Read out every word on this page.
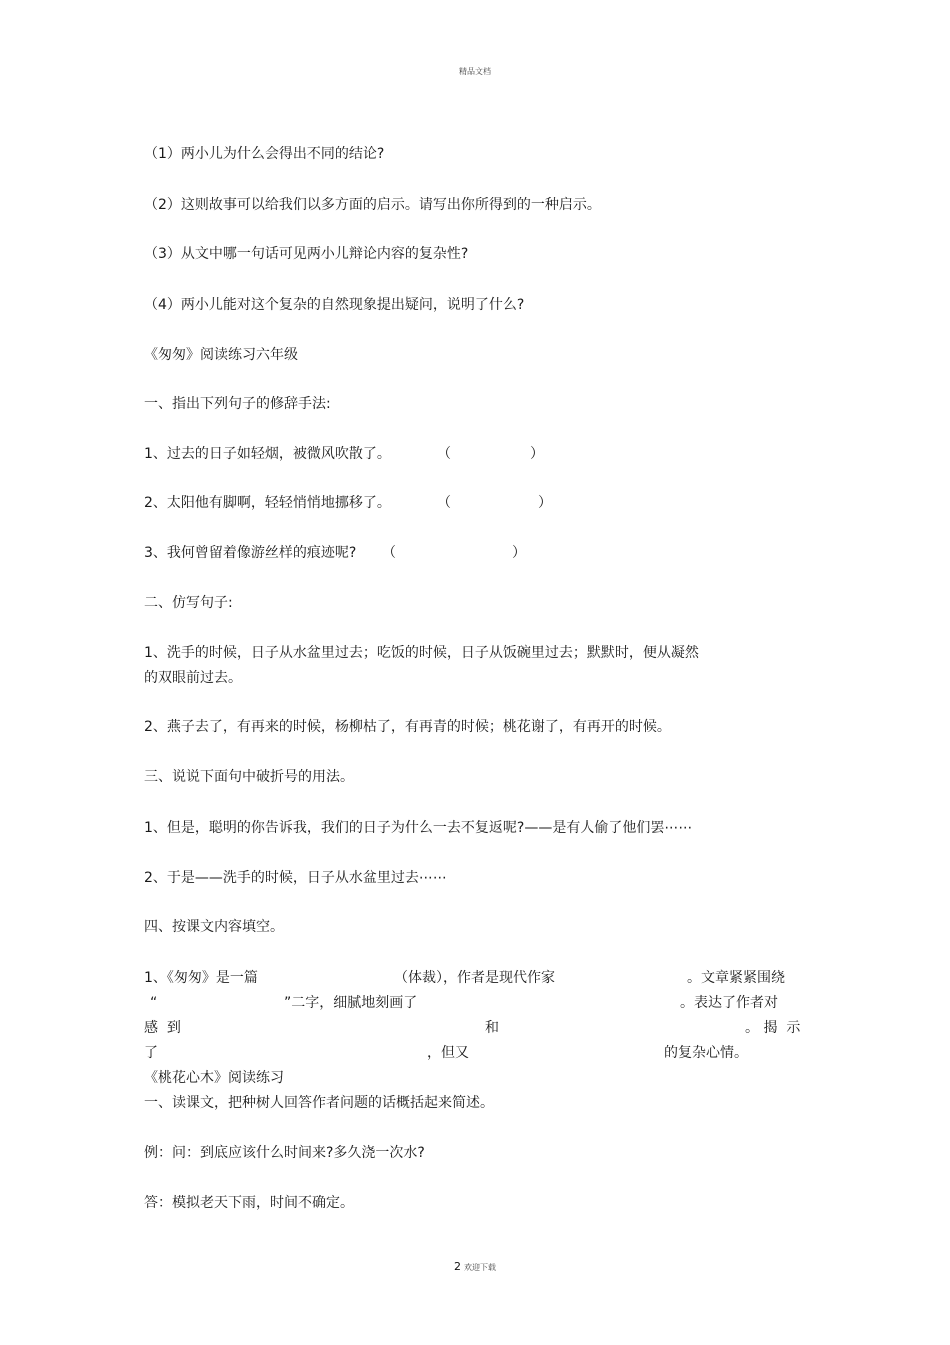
精品文档
（1）两小儿为什么会得出不同的结论?
（2）这则故事可以给我们以多方面的启示。请写出你所得到的一种启示。
（3）从文中哪一句话可见两小儿辩论内容的复杂性?
（4）两小儿能对这个复杂的自然现象提出疑问，说明了什么?
《匆匆》阅读练习六年级
一、指出下列句子的修辞手法:
1、过去的日子如轻烟，被微风吹散了。	（	）
2、太阳他有脚啊，轻轻悄悄地挪移了。	（	）
3、我何曾留着像游丝样的痕迹呢? （	）
二、仿写句子:
1、洗手的时候，日子从水盆里过去；吃饭的时候，日子从饭碗里过去；默默时，便从凝然
的双眼前过去。
2、燕子去了，有再来的时候，杨柳枯了，有再青的时候；桃花谢了，有再开的时候。
三、说说下面句中破折号的用法。
1、但是，聪明的你告诉我，我们的日子为什么一去不复返呢?——是有人偷了他们罢⋯⋯
2、于是——洗手的时候，日子从水盆里过去⋯⋯
四、按课文内容填空。
1、《匆匆》是一篇	（体裁），作者是现代作家	。文章紧紧围绕
“	”二字，细腻地刻画了	。表达了作者对
感  到	和	。 揭  示
了	，但又	的复杂心情。
《桃花心木》阅读练习
一、读课文，把种树人回答作者问题的话概括起来简述。
例：问：到底应该什么时间来?多久浇一次水?
答：模拟老天下雨，时间不确定。
2 欢迎下载
